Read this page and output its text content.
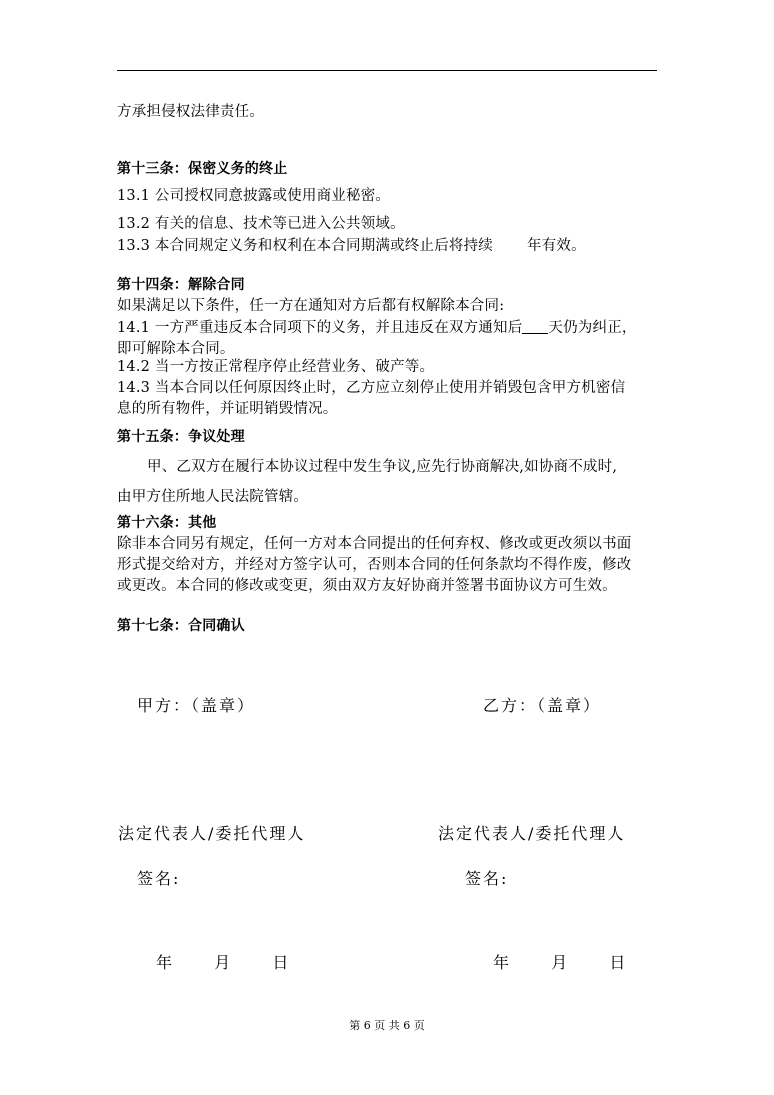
方承担侵权法律责任。
第十三条：保密义务的终止
13.1 公司授权同意披露或使用商业秘密。
13.2 有关的信息、技术等已进入公共领域。
13.3 本合同规定义务和权利在本合同期满或终止后将持续 年有效。
第十四条：解除合同
如果满足以下条件，任一方在通知对方后都有权解除本合同:
14.1 一方严重违反本合同项下的义务，并且违反在双方通知后 天仍为纠正，
即可解除本合同。
14.2 当一方按正常程序停止经营业务、破产等。
14.3 当本合同以任何原因终止时，乙方应立刻停止使用并销毁包含甲方机密信
息的所有物件，并证明销毁情况。
第十五条：争议处理
甲、乙双方在履行本协议过程中发生争议,应先行协商解决,如协商不成时,
由甲方住所地人民法院管辖。
第十六条：其他
除非本合同另有规定，任何一方对本合同提出的任何弃权、修改或更改须以书面
形式提交给对方，并经对方签字认可，否则本合同的任何条款均不得作废，修改
或更改。本合同的修改或变更，须由双方友好协商并签署书面协议方可生效。
第十七条：合同确认
甲方：（盖章）
法定代表人/委托代理人
签名:
年	月	日
乙方：（盖章）
法定代表人/委托代理人
签名:
年	月	日
第 6 页 共 6 页
